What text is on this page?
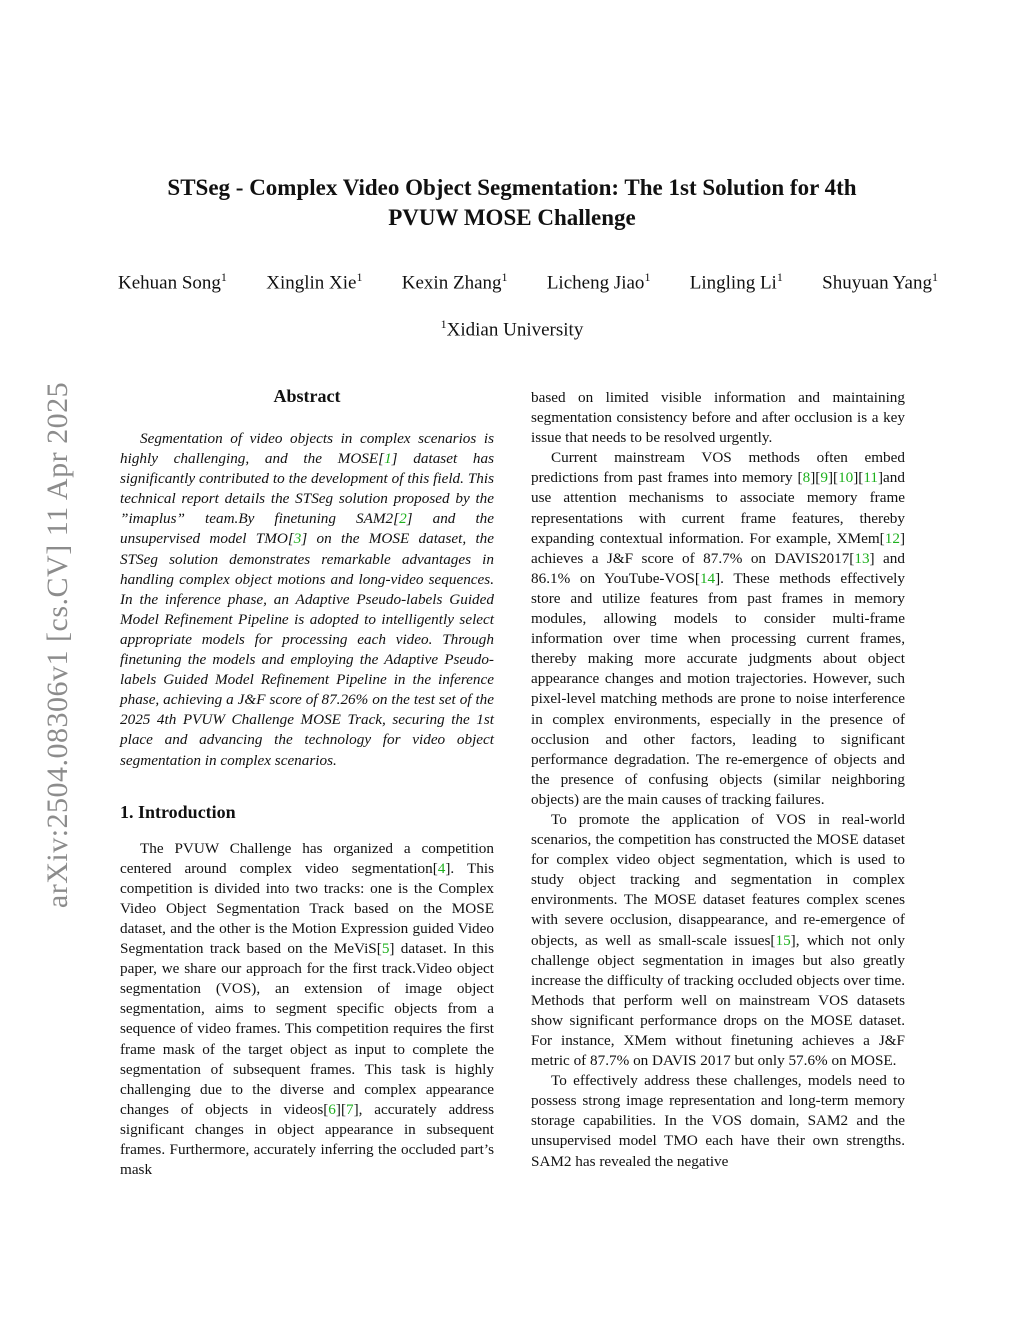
arXiv:2504.08306v1 [cs.CV] 11 Apr 2025
STSeg - Complex Video Object Segmentation: The 1st Solution for 4th
PVUW MOSE Challenge
Kehuan Song$^1$ Xinglin Xie$^1$ Kexin Zhang$^1$ Licheng Jiao$^1$ Lingling Li$^1$ Shuyuan Yang$^1$
$^1$Xidian University
Abstract

Segmentation of video objects in complex scenarios is highly challenging, and the MOSE[1] dataset has significantly contributed to the development of this field. This technical report details the STSeg solution proposed by the ”imaplus” team.By finetuning SAM2[2] and the unsupervised model TMO[3] on the MOSE dataset, the STSeg solution demonstrates remarkable advantages in handling complex object motions and long-video sequences. In the inference phase, an Adaptive Pseudo-labels Guided Model Refinement Pipeline is adopted to intelligently select appropriate models for processing each video. Through finetuning the models and employing the Adaptive Pseudo-labels Guided Model Refinement Pipeline in the inference phase, achieving a J&F score of 87.26% on the test set of the 2025 4th PVUW Challenge MOSE Track, securing the 1st place and advancing the technology for video object segmentation in complex scenarios.

1. Introduction

The PVUW Challenge has organized a competition centered around complex video segmentation[4]. This competition is divided into two tracks: one is the Complex Video Object Segmentation Track based on the MOSE dataset, and the other is the Motion Expression guided Video Segmentation track based on the MeViS[5] dataset. In this paper, we share our approach for the first track.Video object segmentation (VOS), an extension of image object segmentation, aims to segment specific objects from a sequence of video frames. This competition requires the first frame mask of the target object as input to complete the segmentation of subsequent frames. This task is highly challenging due to the diverse and complex appearance changes of objects in videos[6][7], accurately address significant changes in object appearance in subsequent frames. Furthermore, accurately inferring the occluded part’s mask

based on limited visible information and maintaining segmentation consistency before and after occlusion is a key issue that needs to be resolved urgently.

Current mainstream VOS methods often embed predictions from past frames into memory [8][9][10][11]and use attention mechanisms to associate memory frame representations with current frame features, thereby expanding contextual information. For example, XMem[12] achieves a J&F score of 87.7% on DAVIS2017[13] and 86.1% on YouTube-VOS[14]. These methods effectively store and utilize features from past frames in memory modules, allowing models to consider multi-frame information over time when processing current frames, thereby making more accurate judgments about object appearance changes and motion trajectories. However, such pixel-level matching methods are prone to noise interference in complex environments, especially in the presence of occlusion and other factors, leading to significant performance degradation. The re-emergence of objects and the presence of confusing objects (similar neighboring objects) are the main causes of tracking failures.

To promote the application of VOS in real-world scenarios, the competition has constructed the MOSE dataset for complex video object segmentation, which is used to study object tracking and segmentation in complex environments. The MOSE dataset features complex scenes with severe occlusion, disappearance, and re-emergence of objects, as well as small-scale issues[15], which not only challenge object segmentation in images but also greatly increase the difficulty of tracking occluded objects over time. Methods that perform well on mainstream VOS datasets show significant performance drops on the MOSE dataset. For instance, XMem without finetuning achieves a J&F metric of 87.7% on DAVIS 2017 but only 57.6% on MOSE.

To effectively address these challenges, models need to possess strong image representation and long-term memory storage capabilities. In the VOS domain, SAM2 and the unsupervised model TMO each have their own strengths. SAM2 has revealed the negative
